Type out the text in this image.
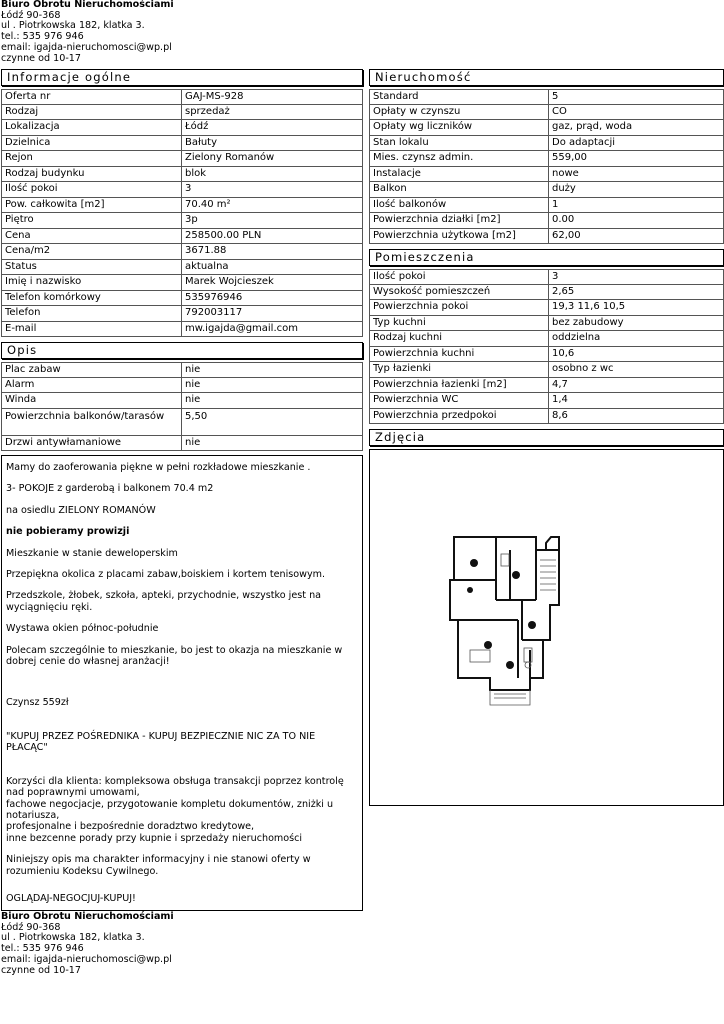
Biuro Obrotu Nieruchomościami
Łódź 90-368
ul . Piotrkowska 182, klatka 3.
tel.: 535 976 946
email: igajda-nieruchomosci@wp.pl
czynne od 10-17
Informacje ogólne
Oferta nr	GAJ-MS-928
Rodzaj	sprzedaż
Lokalizacja	Łódź
Dzielnica	Bałuty
Rejon	Zielony Romanów
Rodzaj budynku	blok
Ilość pokoi	3
Pow. całkowita [m2]	70.40 m²
Piętro	3p
Cena	258500.00 PLN
Cena/m2	3671.88
Status	aktualna
Imię i nazwisko	Marek Wojcieszek
Telefon komórkowy	535976946
Telefon	792003117
E-mail	mw.igajda@gmail.com
Opis
Plac zabaw	nie
Alarm	nie
Winda	nie
Powierzchnia balkonów/tarasów	5,50
Drzwi antywłamaniowe	nie

Mamy do zaoferowania piękne w pełni rozkładowe mieszkanie .

3- POKOJE z garderobą i balkonem 70.4 m2

na osiedlu ZIELONY ROMANÓW

nie pobieramy prowizji

Mieszkanie w stanie deweloperskim

Przepiękna okolica z placami zabaw,boiskiem i kortem tenisowym.

Przedszkole, żłobek, szkoła, apteki, przychodnie, wszystko jest na wyciągnięciu ręki.

Wystawa okien północ-południe

Polecam szczególnie to mieszkanie, bo jest to okazja na mieszkanie w dobrej cenie do własnej aranżacji!

Czynsz 559zł

"KUPUJ PRZEZ POŚREDNIKA - KUPUJ BEZPIECZNIE NIC ZA TO NIE PŁACĄC"

Korzyści dla klienta: kompleksowa obsługa transakcji poprzez kontrolę nad poprawnymi umowami,
fachowe negocjacje, przygotowanie kompletu dokumentów, zniżki u notariusza,
profesjonalne i bezpośrednie doradztwo kredytowe,
inne bezcenne porady przy kupnie i sprzedaży nieruchomości

Niniejszy opis ma charakter informacyjny i nie stanowi oferty w rozumieniu Kodeksu Cywilnego.

OGLĄDAJ-NEGOCJUJ-KUPUJ!

Nieruchomość
Standard	5
Opłaty w czynszu	CO
Opłaty wg liczników	gaz, prąd, woda
Stan lokalu	Do adaptacji
Mies. czynsz admin.	559,00
Instalacje	nowe
Balkon	duży
Ilość balkonów	1
Powierzchnia działki [m2]	0.00
Powierzchnia użytkowa [m2]	62,00
Pomieszczenia
Ilość pokoi	3
Wysokość pomieszczeń	2,65
Powierzchnia pokoi	19,3 11,6 10,5
Typ kuchni	bez zabudowy
Rodzaj kuchni	oddzielna
Powierzchnia kuchni	10,6
Typ łazienki	osobno z wc
Powierzchnia łazienki [m2]	4,7
Powierzchnia WC	1,4
Powierzchnia przedpokoi	8,6
Zdjęcia
Biuro Obrotu Nieruchomościami
Łódź 90-368
ul . Piotrkowska 182, klatka 3.
tel.: 535 976 946
email: igajda-nieruchomosci@wp.pl
czynne od 10-17
